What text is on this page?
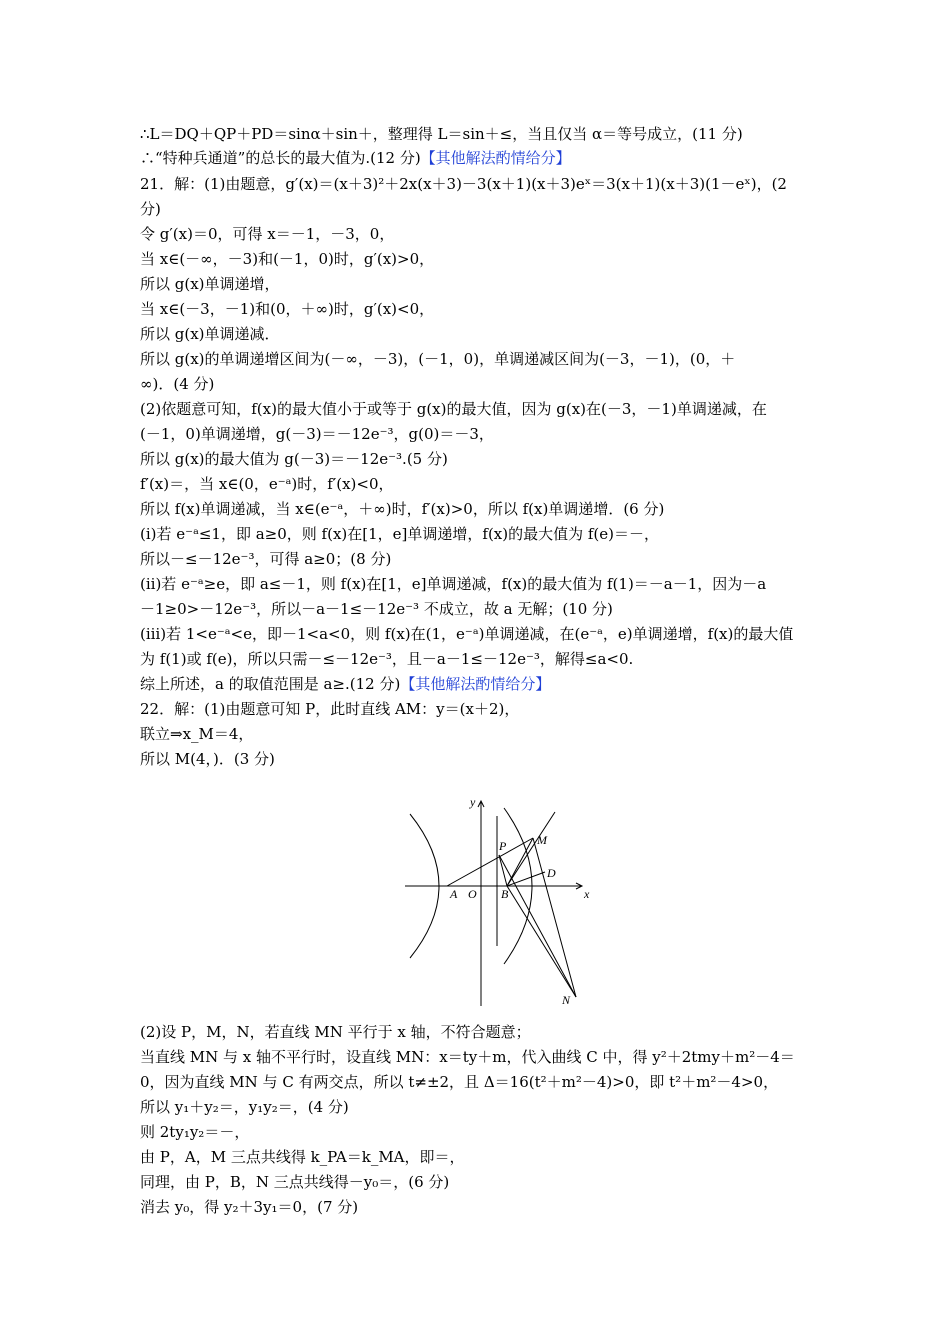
∴L＝DQ＋QP＋PD＝sinα＋sin＋，整理得 L＝sin＋≤，当且仅当 α＝等号成立，(11 分)
∴“特种兵通道”的总长的最大值为.(12 分)【其他解法酌情给分】
21．解：(1)由题意，g′(x)＝(x＋3)²＋2x(x＋3)－3(x＋1)(x＋3)eˣ＝3(x＋1)(x＋3)(1－eˣ)，(2
分)
令 g′(x)＝0，可得 x＝－1，－3，0，
当 x∈(－∞，－3)和(－1，0)时，g′(x)>0，
所以 g(x)单调递增，
当 x∈(－3，－1)和(0，＋∞)时，g′(x)<0，
所以 g(x)单调递减．
所以 g(x)的单调递增区间为(－∞，－3)，(－1，0)，单调递减区间为(－3，－1)，(0，＋
∞)．(4 分)
(2)依题意可知，f(x)的最大值小于或等于 g(x)的最大值，因为 g(x)在(－3，－1)单调递减，在
(－1，0)单调递增，g(－3)＝－12e⁻³，g(0)＝－3，
所以 g(x)的最大值为 g(－3)＝－12e⁻³.(5 分)
f′(x)＝，当 x∈(0，e⁻ᵃ)时，f′(x)<0，
所以 f(x)单调递减，当 x∈(e⁻ᵃ，＋∞)时，f′(x)>0，所以 f(x)单调递增．(6 分)
(ⅰ)若 e⁻ᵃ≤1，即 a≥0，则 f(x)在[1，e]单调递增，f(x)的最大值为 f(e)＝－，
所以－≤－12e⁻³，可得 a≥0；(8 分)
(ⅱ)若 e⁻ᵃ≥e，即 a≤－1，则 f(x)在[1，e]单调递减，f(x)的最大值为 f(1)＝－a－1，因为－a
－1≥0>－12e⁻³，所以－a－1≤－12e⁻³ 不成立，故 a 无解；(10 分)
(ⅲ)若 1<e⁻ᵃ<e，即－1<a<0，则 f(x)在(1，e⁻ᵃ)单调递减，在(e⁻ᵃ，e)单调递增，f(x)的最大值
为 f(1)或 f(e)，所以只需－≤－12e⁻³，且－a－1≤－12e⁻³，解得≤a<0.
综上所述，a 的取值范围是 a≥.(12 分)【其他解法酌情给分】
22．解：(1)由题意可知 P，此时直线 AM：y＝(x＋2)，
联立⇒x_M＝4，
所以 M(4，)．(3 分)
(2)设 P，M，N，若直线 MN 平行于 x 轴，不符合题意；
当直线 MN 与 x 轴不平行时，设直线 MN：x＝ty＋m，代入曲线 C 中，得 y²＋2tmy＋m²－4＝
0，因为直线 MN 与 C 有两交点，所以 t≠±2，且 Δ＝16(t²＋m²－4)>0，即 t²＋m²－4>0，
所以 y₁＋y₂＝，y₁y₂＝，(4 分)
则 2ty₁y₂＝－，
由 P，A，M 三点共线得 k_PA＝k_MA，即＝，
同理，由 P，B，N 三点共线得－y₀＝，(6 分)
消去 y₀，得 y₂＋3y₁＝0，(7 分)
y
x
O
A	B
P	M
D
N
